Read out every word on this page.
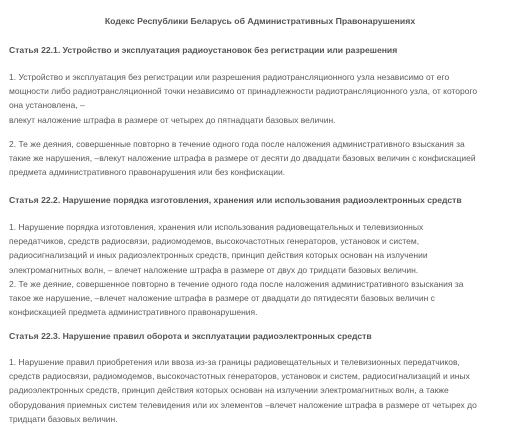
Кодекс Республики Беларусь об Административных Правонарушениях
Статья 22.1. Устройство и эксплуатация радиоустановок без регистрации или разрешения
1. Устройство и эксплуатация без регистрации или разрешения радиотрансляционного узла независимо от его
мощности либо радиотрансляционной точки независимо от принадлежности радиотрансляционного узла, от которого
она установлена, –
влекут наложение штрафа в размере от четырех до пятнадцати базовых величин.
2. Те же деяния, совершенные повторно в течение одного года после наложения административного взыскания за
такие же нарушения, –влекут наложение штрафа в размере от десяти до двадцати базовых величин с конфискацией
предмета административного правонарушения или без конфискации.
Статья 22.2. Нарушение порядка изготовления, хранения или использования радиоэлектронных средств
1. Нарушение порядка изготовления, хранения или использования радиовещательных и телевизионных
передатчиков, средств радиосвязи, радиомодемов, высокочастотных генераторов, установок и систем,
радиосигнализаций и иных радиоэлектронных средств, принцип действия которых основан на излучении
электромагнитных волн, – влечет наложение штрафа в размере от двух до тридцати базовых величин.
2. Те же деяние, совершенное повторно в течение одного года после наложения административного взыскания за
такое же нарушение, –влечет наложение штрафа в размере от двадцати до пятидесяти базовых величин с
конфискацией предмета административного правонарушения.
Статья 22.3. Нарушение правил оборота и эксплуатации радиоэлектронных средств
1. Нарушение правил приобретения или ввоза из-за границы радиовещательных и телевизионных передатчиков,
средств радиосвязи, радиомодемов, высокочастотных генераторов, установок и систем, радиосигнализаций и иных
радиоэлектронных средств, принцип действия которых основан на излучении электромагнитных волн, а также
оборудования приемных систем телевидения или их элементов –влечет наложение штрафа в размере от четырех до
тридцати базовых величин.
